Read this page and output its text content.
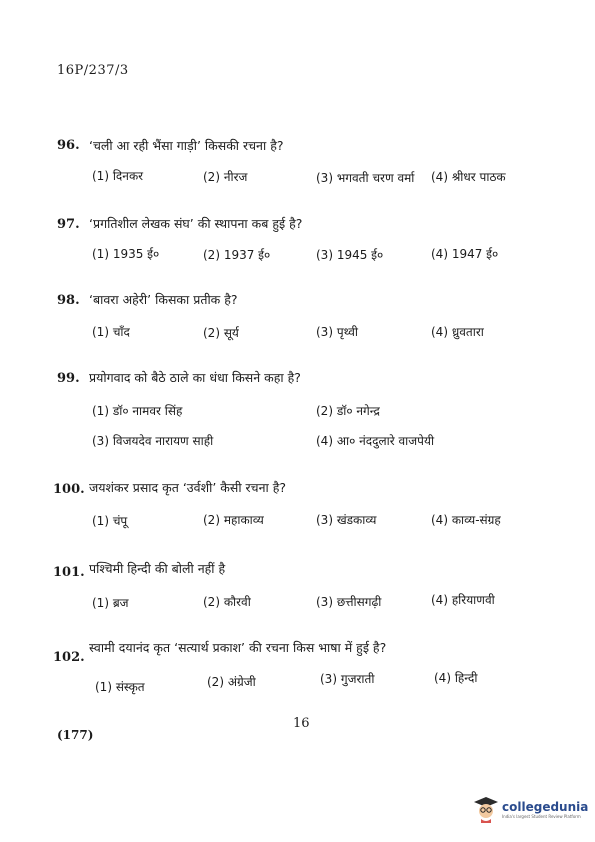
16P/237/3
96. ‘चली आ रही भैंसा गाड़ी’ किसकी रचना है?
(1) दिनकर	(2) नीरज	(3) भगवती चरण वर्मा (4) श्रीधर पाठक
97. ‘प्रगतिशील लेखक संघ’ की स्थापना कब हुई है?
(1) 1935 ई०	(2) 1937 ई०	(3) 1945 ई०	(4) 1947 ई०
98. ‘बावरा अहेरी’ किसका प्रतीक है?
(1) चाँद	(2) सूर्य	(3) पृथ्वी	(4) ध्रुवतारा
99. प्रयोगवाद को बैठे ठाले का धंधा किसने कहा है?
(1) डॉ० नामवर सिंह	(2) डॉ० नगेन्द्र
(3) विजयदेव नारायण साही	(4) आ० नंददुलारे वाजपेयी
100. जयशंकर प्रसाद कृत ‘उर्वशी’ कैसी रचना है?
(1) चंपू	(2) महाकाव्य	(3) खंडकाव्य	(4) काव्य-संग्रह
101. पश्चिमी हिन्दी की बोली नहीं है
(1) ब्रज	(2) कौरवी	(3) छत्तीसगढ़ी	(4) हरियाणवी
102.
स्वामी दयानंद कृत ‘सत्यार्थ प्रकाश’ की रचना किस भाषा में हुई है?
(1) संस्कृत	(2) अंग्रेजी	(3) गुजराती	(4) हिन्दी
16
(177)
collegedunia
India's largest Student Review Platform
